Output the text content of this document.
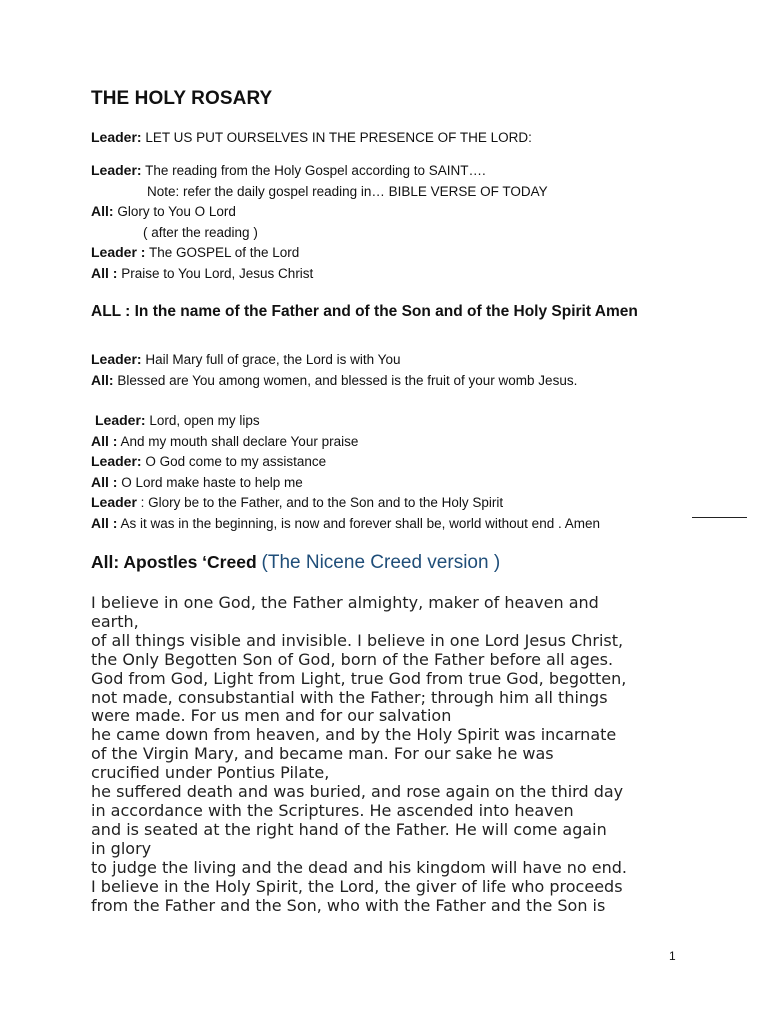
THE HOLY ROSARY
Leader: LET US PUT OURSELVES IN THE PRESENCE OF THE LORD:
Leader: The reading from the Holy Gospel according to SAINT….
Note: refer the daily gospel reading in… BIBLE VERSE OF TODAY
All: Glory to You O Lord
( after the reading )
Leader : The GOSPEL of the Lord
All : Praise to You Lord, Jesus Christ
ALL : In the name of the Father and of the Son and of the Holy Spirit Amen
Leader: Hail Mary full of grace, the Lord is with You
All: Blessed are You among women, and blessed is the fruit of your womb Jesus.
Leader: Lord, open my lips
All : And my mouth shall declare Your praise
Leader: O God come to my assistance
All : O Lord make haste to help me
Leader : Glory be to the Father, and to the Son and to the Holy Spirit
All : As it was in the beginning, is now and forever shall be, world without end . Amen
All: Apostles ‘Creed (The Nicene Creed version )
I believe in one God, the Father almighty, maker of heaven and
earth,
of all things visible and invisible. I believe in one Lord Jesus Christ,
the Only Begotten Son of God, born of the Father before all ages.
God from God, Light from Light, true God from true God, begotten,
not made, consubstantial with the Father; through him all things
were made. For us men and for our salvation
he came down from heaven, and by the Holy Spirit was incarnate
of the Virgin Mary, and became man. For our sake he was
crucified under Pontius Pilate,
he suffered death and was buried, and rose again on the third day
in accordance with the Scriptures. He ascended into heaven
and is seated at the right hand of the Father. He will come again
in glory
to judge the living and the dead and his kingdom will have no end.
I believe in the Holy Spirit, the Lord, the giver of life who proceeds
from the Father and the Son, who with the Father and the Son is
1
